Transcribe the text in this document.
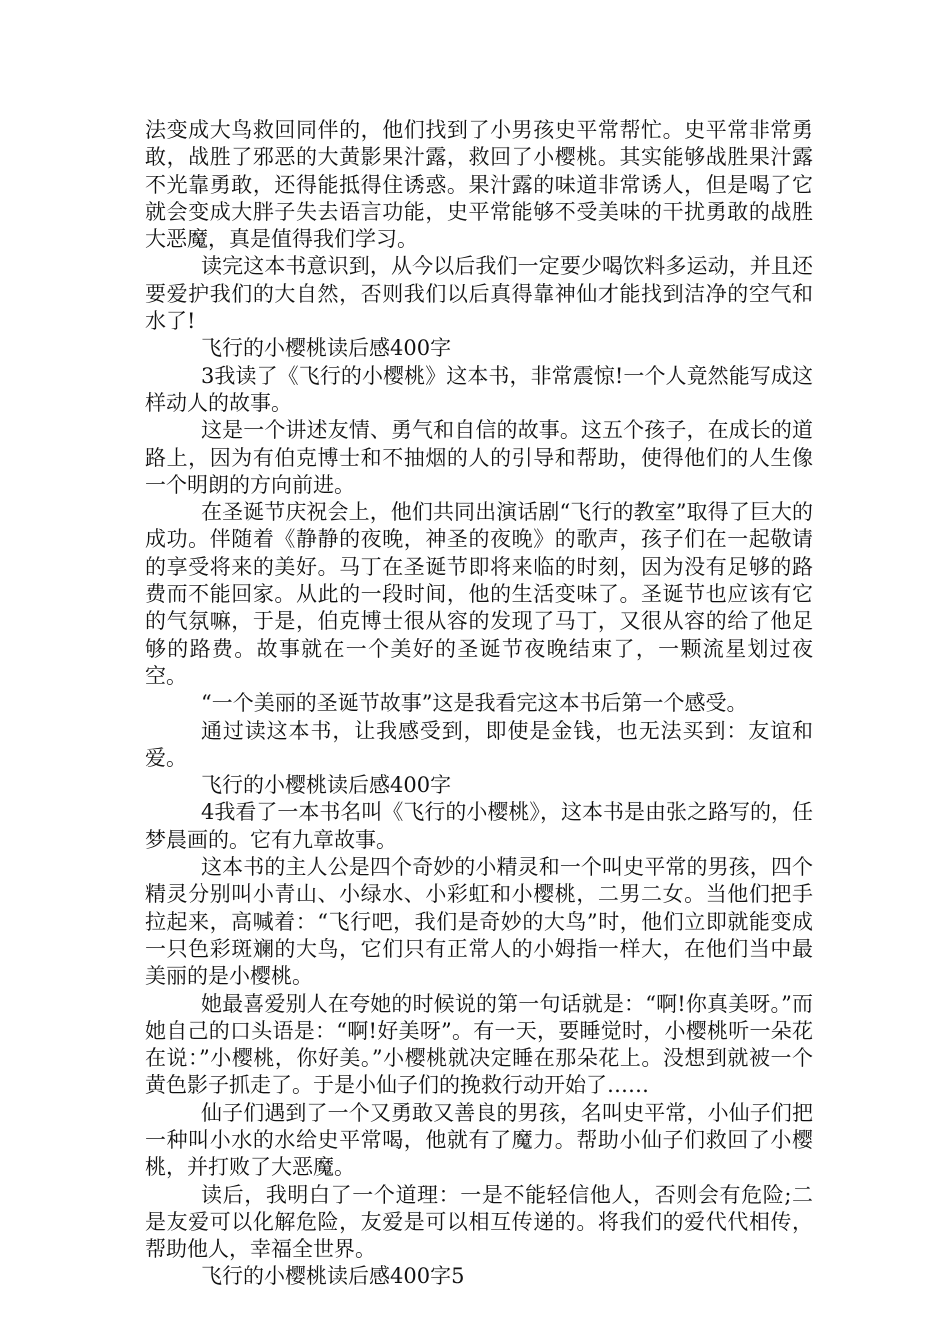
法变成大鸟救回同伴的，他们找到了小男孩史平常帮忙。史平常非常勇敢，战胜了邪恶的大黄影果汁露，救回了小樱桃。其实能够战胜果汁露不光靠勇敢，还得能抵得住诱惑。果汁露的味道非常诱人，但是喝了它就会变成大胖子失去语言功能，史平常能够不受美味的干扰勇敢的战胜大恶魔，真是值得我们学习。

读完这本书意识到，从今以后我们一定要少喝饮料多运动，并且还要爱护我们的大自然，否则我们以后真得靠神仙才能找到洁净的空气和水了!

飞行的小樱桃读后感400字

3我读了《飞行的小樱桃》这本书，非常震惊!一个人竟然能写成这样动人的故事。

这是一个讲述友情、勇气和自信的故事。这五个孩子，在成长的道路上，因为有伯克博士和不抽烟的人的引导和帮助，使得他们的人生像一个明朗的方向前进。

在圣诞节庆祝会上，他们共同出演话剧“飞行的教室”取得了巨大的成功。伴随着《静静的夜晚，神圣的夜晚》的歌声，孩子们在一起敬请的享受将来的美好。马丁在圣诞节即将来临的时刻，因为没有足够的路费而不能回家。从此的一段时间，他的生活变味了。圣诞节也应该有它的气氛嘛，于是，伯克博士很从容的发现了马丁，又很从容的给了他足够的路费。故事就在一个美好的圣诞节夜晚结束了，一颗流星划过夜空。

“一个美丽的圣诞节故事”这是我看完这本书后第一个感受。

通过读这本书，让我感受到，即使是金钱，也无法买到：友谊和爱。

飞行的小樱桃读后感400字

4我看了一本书名叫《飞行的小樱桃》，这本书是由张之路写的，任梦晨画的。它有九章故事。

这本书的主人公是四个奇妙的小精灵和一个叫史平常的男孩，四个精灵分别叫小青山、小绿水、小彩虹和小樱桃，二男二女。当他们把手拉起来，高喊着：“飞行吧，我们是奇妙的大鸟”时，他们立即就能变成一只色彩斑斓的大鸟，它们只有正常人的小姆指一样大，在他们当中最美丽的是小樱桃。

她最喜爱别人在夸她的时候说的第一句话就是：“啊!你真美呀。”而她自己的口头语是：“啊!好美呀”。有一天，要睡觉时，小樱桃听一朵花在说：”小樱桃，你好美。”小樱桃就决定睡在那朵花上。没想到就被一个黄色影子抓走了。于是小仙子们的挽救行动开始了……

仙子们遇到了一个又勇敢又善良的男孩，名叫史平常，小仙子们把一种叫小水的水给史平常喝，他就有了魔力。帮助小仙子们救回了小樱桃，并打败了大恶魔。

读后，我明白了一个道理：一是不能轻信他人，否则会有危险;二是友爱可以化解危险，友爱是可以相互传递的。将我们的爱代代相传，帮助他人，幸福全世界。

飞行的小樱桃读后感400字5
